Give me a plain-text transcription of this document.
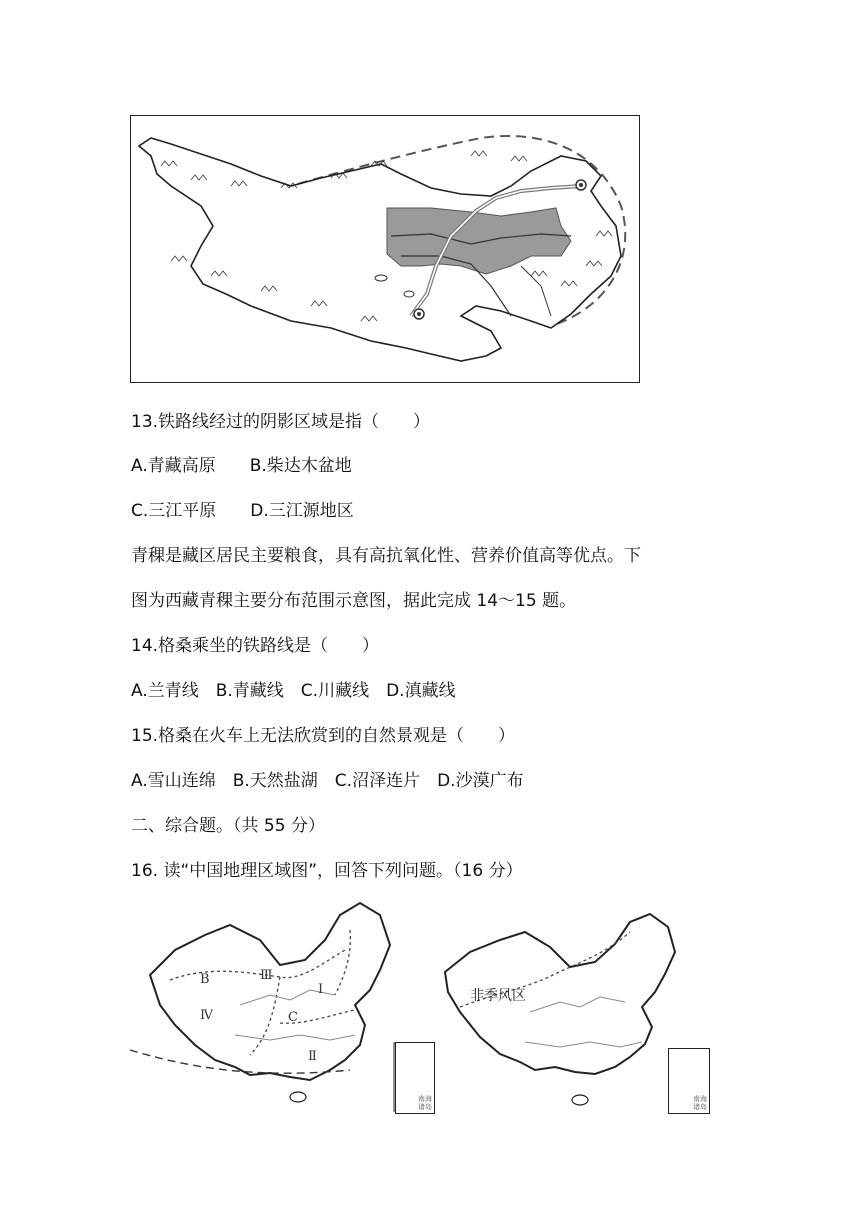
13.铁路线经过的阴影区域是指（　　）
A.青藏高原　　B.柴达木盆地
C.三江平原　　D.三江源地区
青稞是藏区居民主要粮食，具有高抗氧化性、营养价值高等优点。下
图为西藏青稞主要分布范围示意图，据此完成 14～15 题。
14.格桑乘坐的铁路线是（　　）
A.兰青线　B.青藏线　C.川藏线　D.滇藏线
15.格桑在火车上无法欣赏到的自然景观是（　　）
A.雪山连绵　B.天然盐湖　C.沼泽连片　D.沙漠广布
二、综合题。（共 55 分）
16. 读“中国地理区域图”，回答下列问题。（16 分）
B	Ⅲ
Ⅰ
Ⅳ	C
Ⅱ
南海诸岛
非季风区
南海诸岛
